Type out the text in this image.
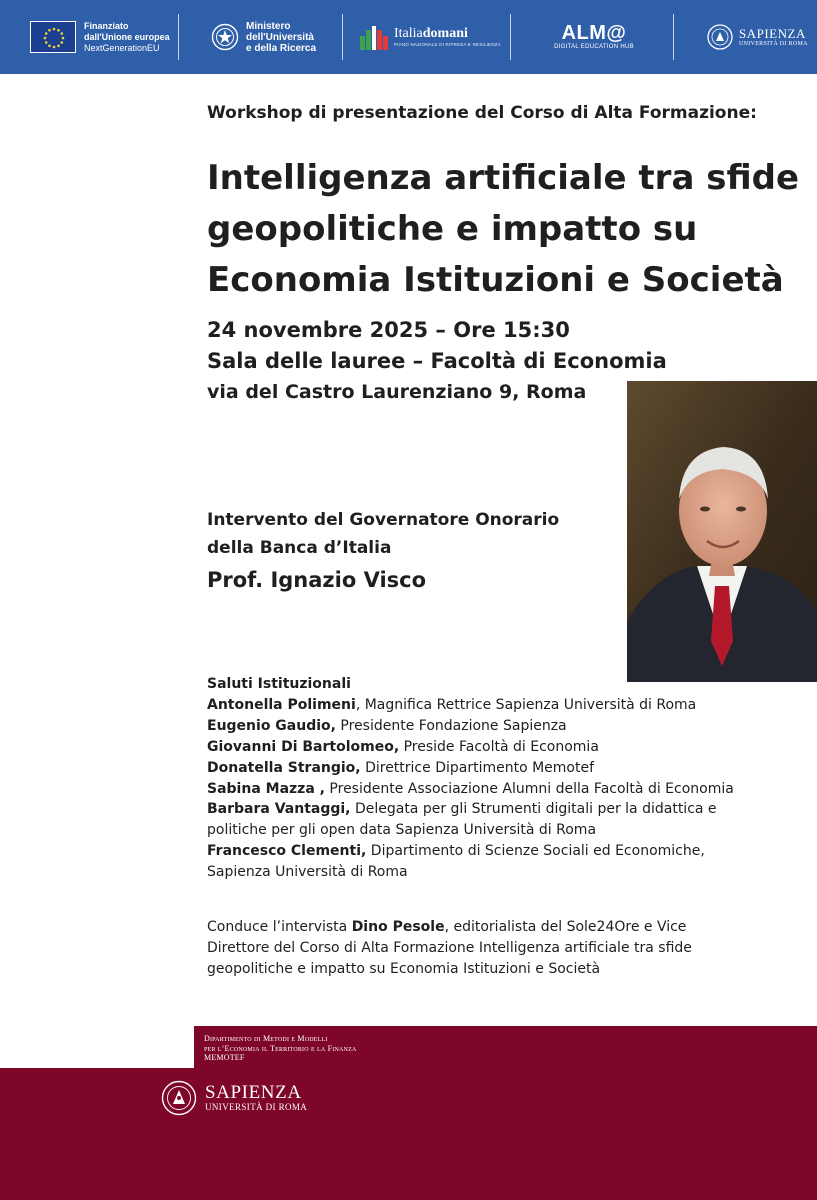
Finanziato
dall'Unione europea
NextGenerationEU
Ministero
dell'Università
e della Ricerca
Italiadomani
PIANO NAZIONALE DI RIPRESA E RESILIENZA
ALM@
DIGITAL EDUCATION HUB
SAPIENZA
UNIVERSITÀ DI ROMA
Workshop di presentazione del Corso di Alta Formazione:
Intelligenza artificiale tra sfide
geopolitiche e impatto su
Economia Istituzioni e Società
24 novembre 2025 – Ore 15:30
Sala delle lauree – Facoltà di Economia
via del Castro Laurenziano 9, Roma
Intervento del Governatore Onorario
della Banca d’Italia
Prof. Ignazio Visco
Saluti Istituzionali
Antonella Polimeni, Magnifica Rettrice Sapienza Università di Roma
Eugenio Gaudio, Presidente Fondazione Sapienza
Giovanni Di Bartolomeo, Preside Facoltà di Economia
Donatella Strangio, Direttrice Dipartimento Memotef
Sabina Mazza , Presidente Associazione Alumni della Facoltà di Economia
Barbara Vantaggi, Delegata per gli Strumenti digitali per la didattica e
politiche per gli open data Sapienza Università di Roma
Francesco Clementi, Dipartimento di Scienze Sociali ed Economiche,
Sapienza Università di Roma
Conduce l’intervista Dino Pesole, editorialista del Sole24Ore e Vice
Direttore del Corso di Alta Formazione Intelligenza artificiale tra sfide
geopolitiche e impatto su Economia Istituzioni e Società
Dipartimento di Metodi e Modelli
per l’Economia il Territorio e la Finanza
MEMOTEF
SAPIENZA
UNIVERSITÀ DI ROMA
